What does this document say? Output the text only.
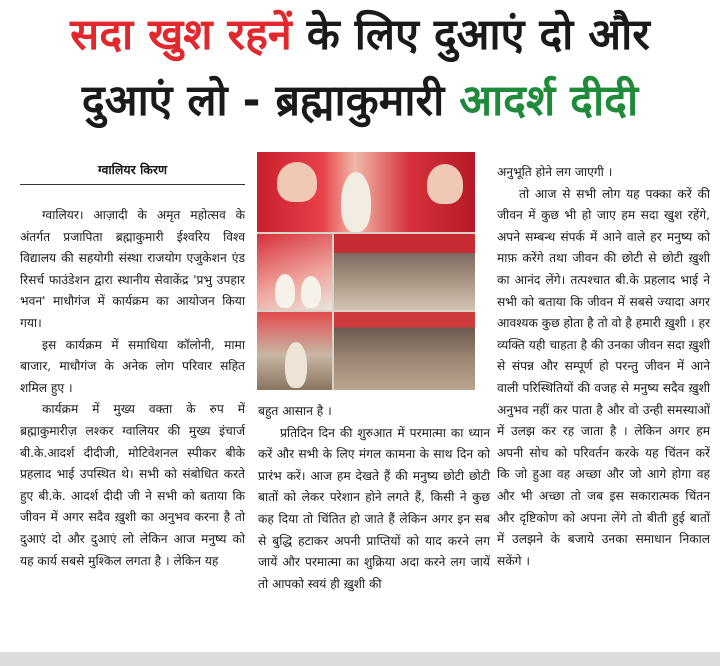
सदा खुश रहनें के लिए दुआएं दो और
दुआएं लो - ब्रह्माकुमारी आदर्श दीदी
ग्वालियर किरण

ग्वालियर। आज़ादी के अमृत महोत्सव के अंतर्गत प्रजापिता ब्रह्माकुमारी ईश्वरिय विश्व विद्यालय की सहयोगी संस्था राजयोग एजुकेशन एंड रिसर्च फाउंडेशन द्वारा स्थानीय सेवाकेंद्र 'प्रभु उपहार भवन' माधौगंज में कार्यक्रम का आयोजन किया गया।

इस कार्यक्रम में समाधिया कॉलोनी, मामा बाजार, माधौगंज के अनेक लोग परिवार सहित शमिल हुए ।

कार्यक्रम में मुख्य वक्ता के रुप में ब्रह्माकुमारीज़ लश्कर ग्वालियर की मुख्य इंचार्ज बी.के.आदर्श दीदीजी, मोटिवेशनल स्पीकर बीके प्रहलाद भाई उपस्थित थे। सभी को संबोधित करते हुए बी.के. आदर्श दीदी जी ने सभी को बताया कि जीवन में अगर सदैव ख़ुशी का अनुभव करना है तो दुआएं दो और दुआएं लो लेकिन आज मनुष्य को यह कार्य सबसे मुश्किल लगता है । लेकिन यह

बहुत आसान है ।

प्रतिदिन दिन की शुरुआत में परमात्मा का ध्यान करें और सभी के लिए मंगल कामना के साथ दिन को प्रारंभ करें। आज हम देखते हैं की मनुष्य छोटी छोटी बातों को लेकर परेशान होने लगते हैं, किसी ने कुछ कह दिया तो चिंतित हो जाते हैं लेकिन अगर इन सब से बुद्धि हटाकर अपनी प्राप्तियों को याद करने लग जायें और परमात्मा का शुक्रिया अदा करने लग जायें तो आपको स्वयं ही ख़ुशी की

अनुभूति होने लग जाएगी ।

तो आज से सभी लोग यह पक्का करें की जीवन में कुछ भी हो जाए हम सदा खुश रहेंगे, अपने सम्बन्ध संपर्क में आने वाले हर मनुष्य को माफ़ करेंगे तथा जीवन की छोटी से छोटी ख़ुशी का आनंद लेंगे। तत्पश्चात बी.के प्रहलाद भाई ने सभी को बताया कि जीवन में सबसे ज्यादा अगर आवश्यक कुछ होता है तो वो है हमारी ख़ुशी । हर व्यक्ति यही चाहता है की उनका जीवन सदा ख़ुशी से संपन्न और सम्पूर्ण हो परन्तु जीवन में आने वाली परिस्थितियों की वजह से मनुष्य सदैव ख़ुशी अनुभव नहीं कर पाता है और वो उन्ही समस्याओं में उलझ कर रह जाता है । लेकिन अगर हम अपनी सोच को परिवर्तन करके यह चिंतन करें कि जो हुआ वह अच्छा और जो आगे होगा वह और भी अच्छा तो जब इस सकारात्मक चिंतन और दृष्टिकोण को अपना लेंगे तो बीती हुई बातों में उलझने के बजाये उनका समाधान निकाल सकेंगे ।
